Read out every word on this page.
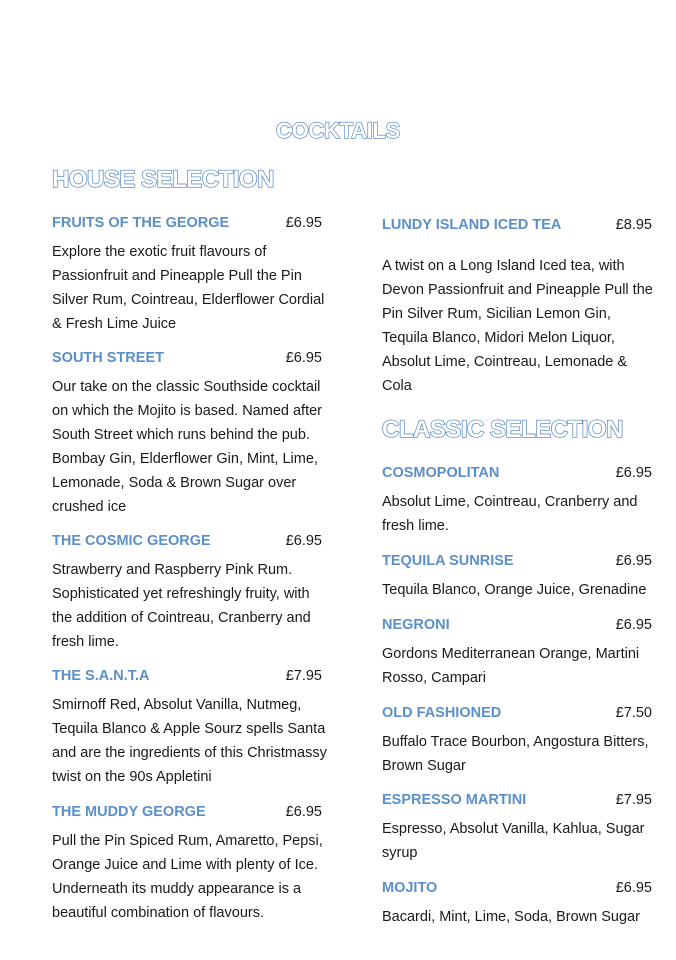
COCKTAILS
HOUSE SELECTION
FRUITS OF THE GEORGE	£6.95
Explore the exotic fruit flavours of Passionfruit and Pineapple Pull the Pin Silver Rum, Cointreau, Elderflower Cordial & Fresh Lime Juice
SOUTH STREET	£6.95
Our take on the classic Southside cocktail on which the Mojito is based. Named after South Street which runs behind the pub. Bombay Gin, Elderflower Gin, Mint, Lime, Lemonade, Soda & Brown Sugar over crushed ice
THE COSMIC GEORGE	£6.95
Strawberry and Raspberry Pink Rum. Sophisticated yet refreshingly fruity, with the addition of Cointreau, Cranberry and fresh lime.
THE S.A.N.T.A	£7.95
Smirnoff Red, Absolut Vanilla, Nutmeg, Tequila Blanco & Apple Sourz spells Santa and are the ingredients of this Christmassy twist on the 90s Appletini
THE MUDDY GEORGE	£6.95
Pull the Pin Spiced Rum, Amaretto, Pepsi, Orange Juice and Lime with plenty of Ice. Underneath its muddy appearance is a beautiful combination of flavours.
LUNDY ISLAND ICED TEA	£8.95
A twist on a Long Island Iced tea, with Devon Passionfruit and Pineapple Pull the Pin Silver Rum, Sicilian Lemon Gin, Tequila Blanco, Midori Melon Liquor, Absolut Lime, Cointreau, Lemonade & Cola
CLASSIC SELECTION
COSMOPOLITAN	£6.95
Absolut Lime, Cointreau, Cranberry and fresh lime.
TEQUILA SUNRISE	£6.95
Tequila Blanco, Orange Juice, Grenadine
NEGRONI	£6.95
Gordons Mediterranean Orange, Martini Rosso, Campari
OLD FASHIONED	£7.50
Buffalo Trace Bourbon, Angostura Bitters, Brown Sugar
ESPRESSO MARTINI	£7.95
Espresso, Absolut Vanilla, Kahlua, Sugar syrup
MOJITO	£6.95
Bacardi, Mint, Lime, Soda, Brown Sugar
